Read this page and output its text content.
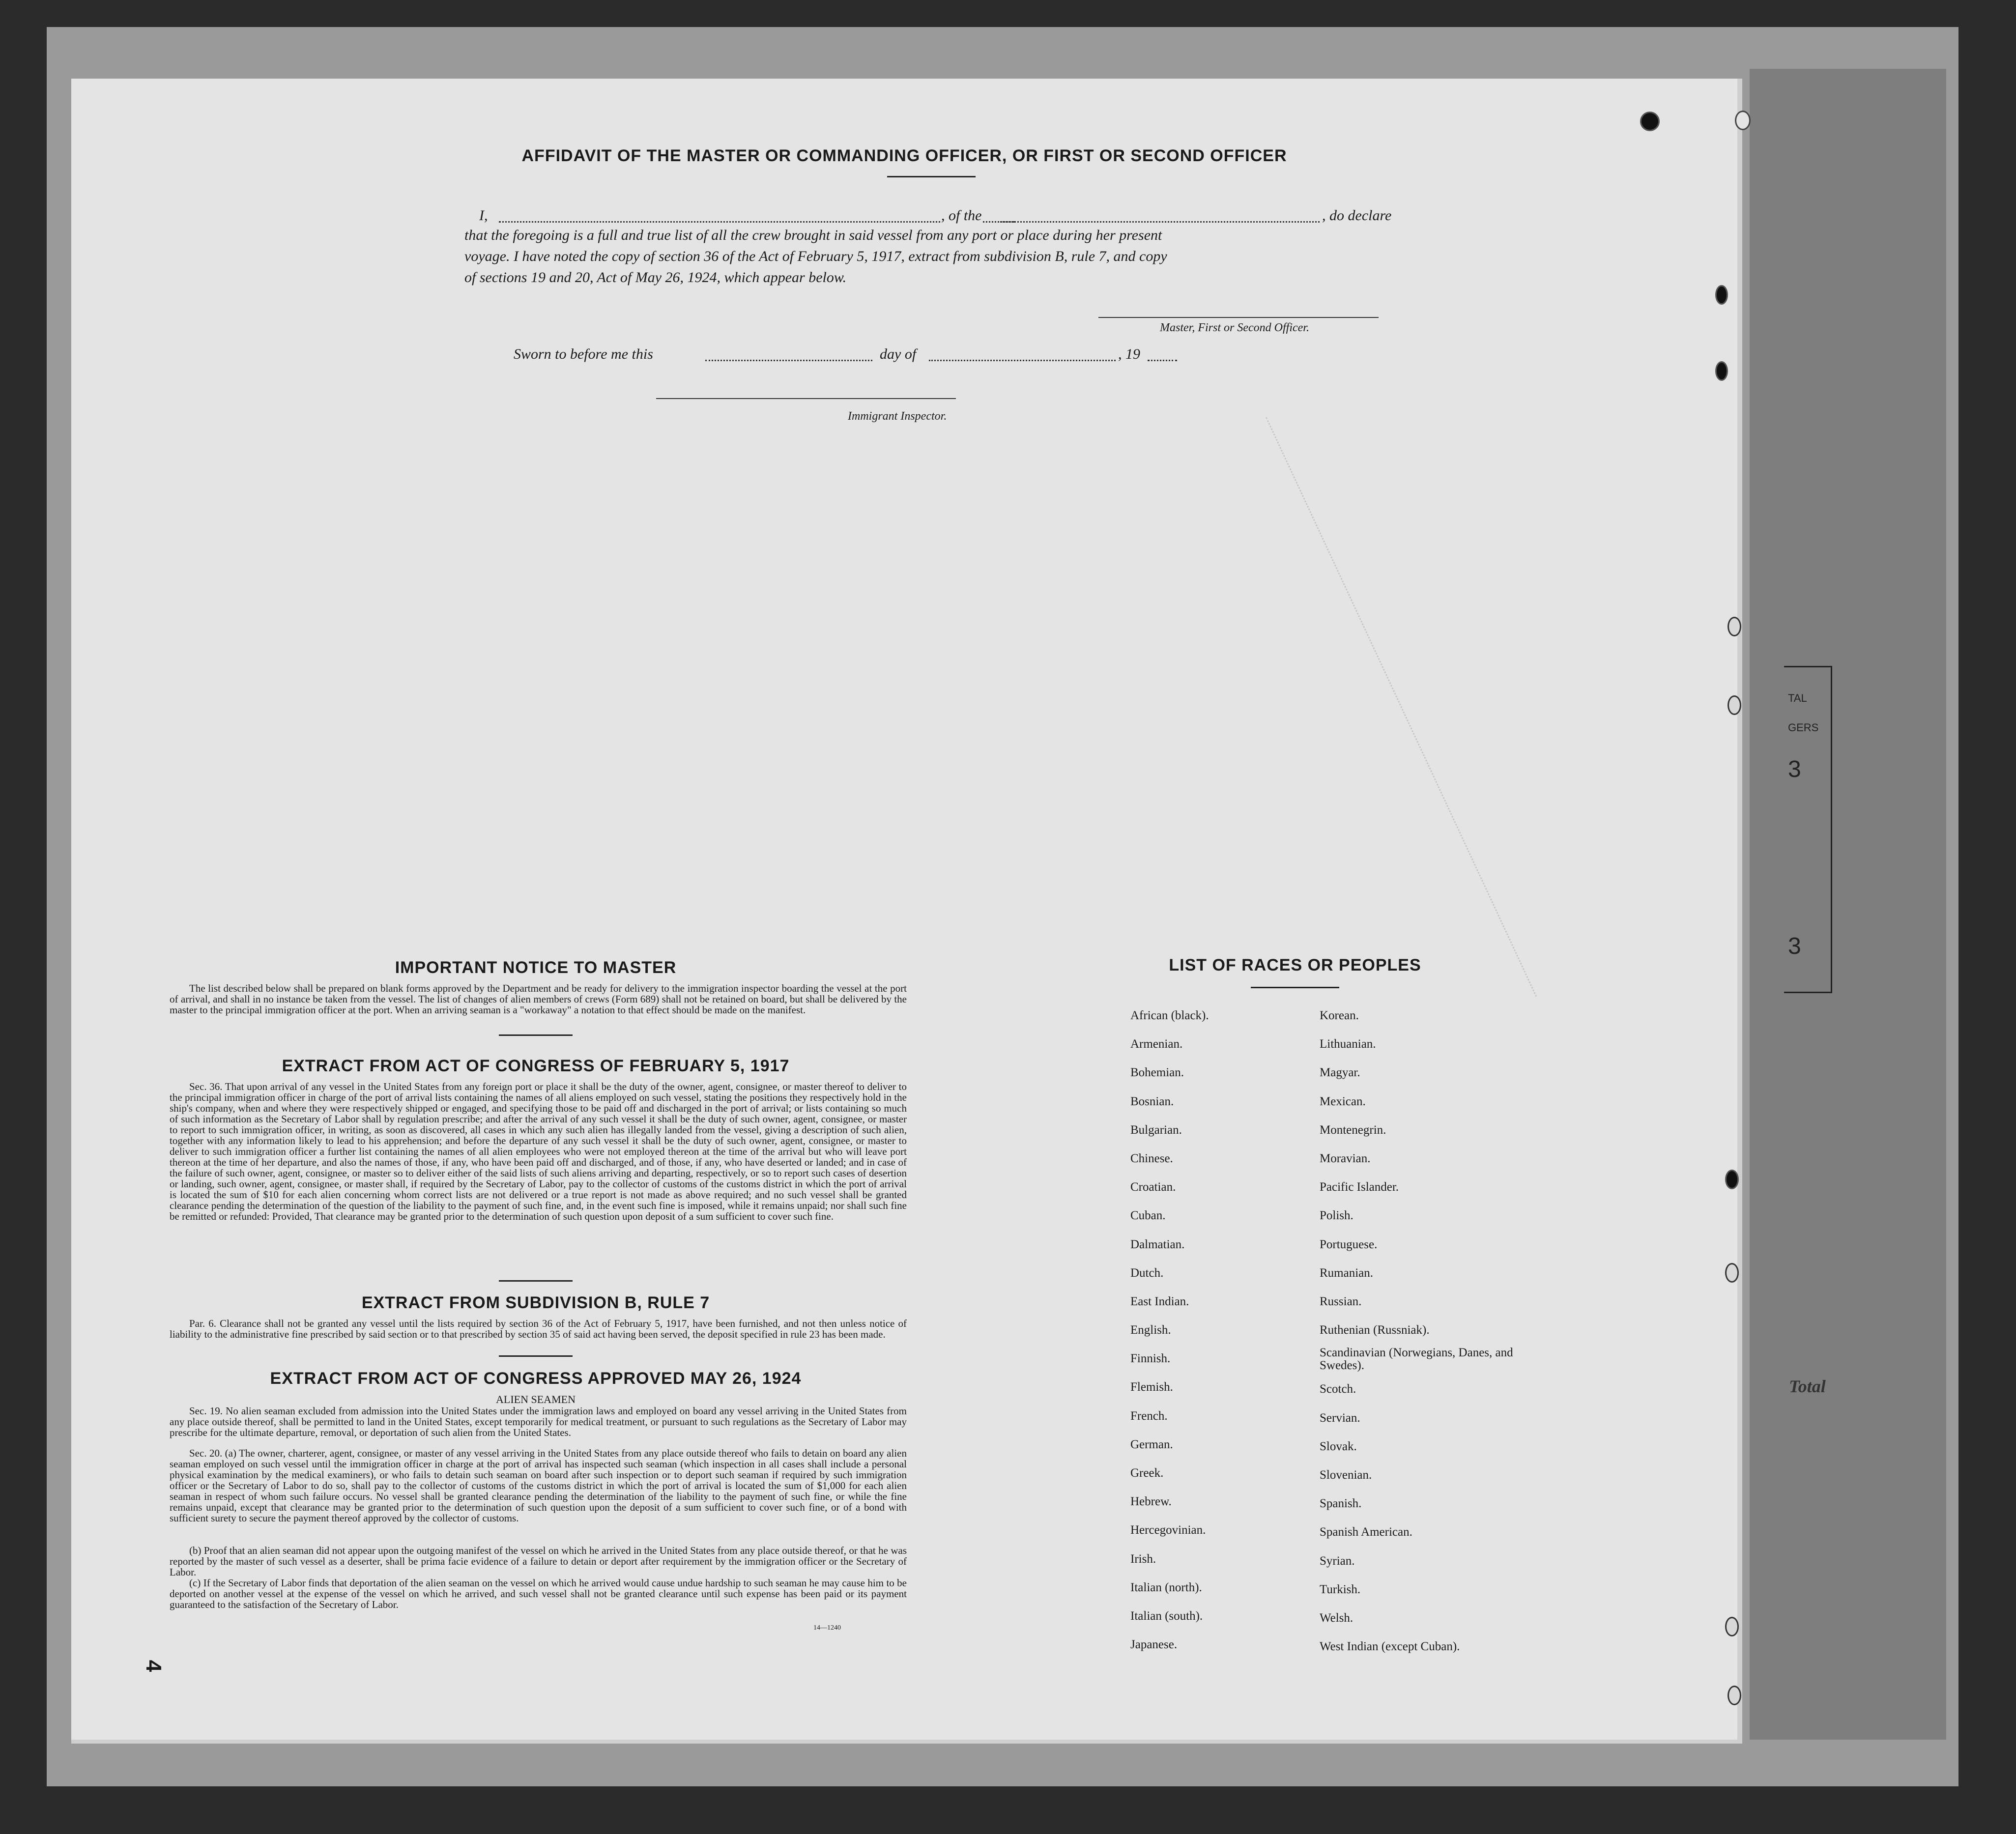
TAL
GERS
3
3
Total
AFFIDAVIT OF THE MASTER OR COMMANDING OFFICER, OR FIRST OR SECOND OFFICER
I,	, of the	, do declare
that the foregoing is a full and true list of all the crew brought in said vessel from any port or place during her present
voyage. I have noted the copy of section 36 of the Act of February 5, 1917, extract from subdivision B, rule 7, and copy
of sections 19 and 20, Act of May 26, 1924, which appear below.
Master, First or Second Officer.
Sworn to before me this	day of	, 19
Immigrant Inspector.
IMPORTANT NOTICE TO MASTER
The list described below shall be prepared on blank forms approved by the Department and be ready for delivery to the immigration inspector boarding the vessel at the port of arrival, and shall in no instance be taken from the vessel. The list of changes of alien members of crews (Form 689) shall not be retained on board, but shall be delivered by the master to the principal immigration officer at the port. When an arriving seaman is a "workaway" a notation to that effect should be made on the manifest.
EXTRACT FROM ACT OF CONGRESS OF FEBRUARY 5, 1917
Sec. 36. That upon arrival of any vessel in the United States from any foreign port or place it shall be the duty of the owner, agent, consignee, or master thereof to deliver to the principal immigration officer in charge of the port of arrival lists containing the names of all aliens employed on such vessel, stating the positions they respectively hold in the ship's company, when and where they were respectively shipped or engaged, and specifying those to be paid off and discharged in the port of arrival; or lists containing so much of such information as the Secretary of Labor shall by regulation prescribe; and after the arrival of any such vessel it shall be the duty of such owner, agent, consignee, or master to report to such immigration officer, in writing, as soon as discovered, all cases in which any such alien has illegally landed from the vessel, giving a description of such alien, together with any information likely to lead to his apprehension; and before the departure of any such vessel it shall be the duty of such owner, agent, consignee, or master to deliver to such immigration officer a further list containing the names of all alien employees who were not employed thereon at the time of the arrival but who will leave port thereon at the time of her departure, and also the names of those, if any, who have been paid off and discharged, and of those, if any, who have deserted or landed; and in case of the failure of such owner, agent, consignee, or master so to deliver either of the said lists of such aliens arriving and departing, respectively, or so to report such cases of desertion or landing, such owner, agent, consignee, or master shall, if required by the Secretary of Labor, pay to the collector of customs of the customs district in which the port of arrival is located the sum of $10 for each alien concerning whom correct lists are not delivered or a true report is not made as above required; and no such vessel shall be granted clearance pending the determination of the question of the liability to the payment of such fine, and, in the event such fine is imposed, while it remains unpaid; nor shall such fine be remitted or refunded: Provided, That clearance may be granted prior to the determination of such question upon deposit of a sum sufficient to cover such fine.
EXTRACT FROM SUBDIVISION B, RULE 7
Par. 6. Clearance shall not be granted any vessel until the lists required by section 36 of the Act of February 5, 1917, have been furnished, and not then unless notice of liability to the administrative fine prescribed by said section or to that prescribed by section 35 of said act having been served, the deposit specified in rule 23 has been made.
EXTRACT FROM ACT OF CONGRESS APPROVED MAY 26, 1924
ALIEN SEAMEN
Sec. 19. No alien seaman excluded from admission into the United States under the immigration laws and employed on board any vessel arriving in the United States from any place outside thereof, shall be permitted to land in the United States, except temporarily for medical treatment, or pursuant to such regulations as the Secretary of Labor may prescribe for the ultimate departure, removal, or deportation of such alien from the United States.
Sec. 20. (a) The owner, charterer, agent, consignee, or master of any vessel arriving in the United States from any place outside thereof who fails to detain on board any alien seaman employed on such vessel until the immigration officer in charge at the port of arrival has inspected such seaman (which inspection in all cases shall include a personal physical examination by the medical examiners), or who fails to detain such seaman on board after such inspection or to deport such seaman if required by such immigration officer or the Secretary of Labor to do so, shall pay to the collector of customs of the customs district in which the port of arrival is located the sum of $1,000 for each alien seaman in respect of whom such failure occurs. No vessel shall be granted clearance pending the determination of the liability to the payment of such fine, or while the fine remains unpaid, except that clearance may be granted prior to the determination of such question upon the deposit of a sum sufficient to cover such fine, or of a bond with sufficient surety to secure the payment thereof approved by the collector of customs.
(b) Proof that an alien seaman did not appear upon the outgoing manifest of the vessel on which he arrived in the United States from any place outside thereof, or that he was reported by the master of such vessel as a deserter, shall be prima facie evidence of a failure to detain or deport after requirement by the immigration officer or the Secretary of Labor.
(c) If the Secretary of Labor finds that deportation of the alien seaman on the vessel on which he arrived would cause undue hardship to such seaman he may cause him to be deported on another vessel at the expense of the vessel on which he arrived, and such vessel shall not be granted clearance until such expense has been paid or its payment guaranteed to the satisfaction of the Secretary of Labor.
14—1240
4
LIST OF RACES OR PEOPLES
African (black).
Armenian.
Bohemian.
Bosnian.
Bulgarian.
Chinese.
Croatian.
Cuban.
Dalmatian.
Dutch.
East Indian.
English.
Finnish.
Flemish.
French.
German.
Greek.
Hebrew.
Hercegovinian.
Irish.
Italian (north).
Italian (south).
Japanese.
Korean.
Lithuanian.
Magyar.
Mexican.
Montenegrin.
Moravian.
Pacific Islander.
Polish.
Portuguese.
Rumanian.
Russian.
Ruthenian (Russniak).
Scandinavian (Norwegians, Danes, and Swedes).
Scotch.
Servian.
Slovak.
Slovenian.
Spanish.
Spanish American.
Syrian.
Turkish.
Welsh.
West Indian (except Cuban).
